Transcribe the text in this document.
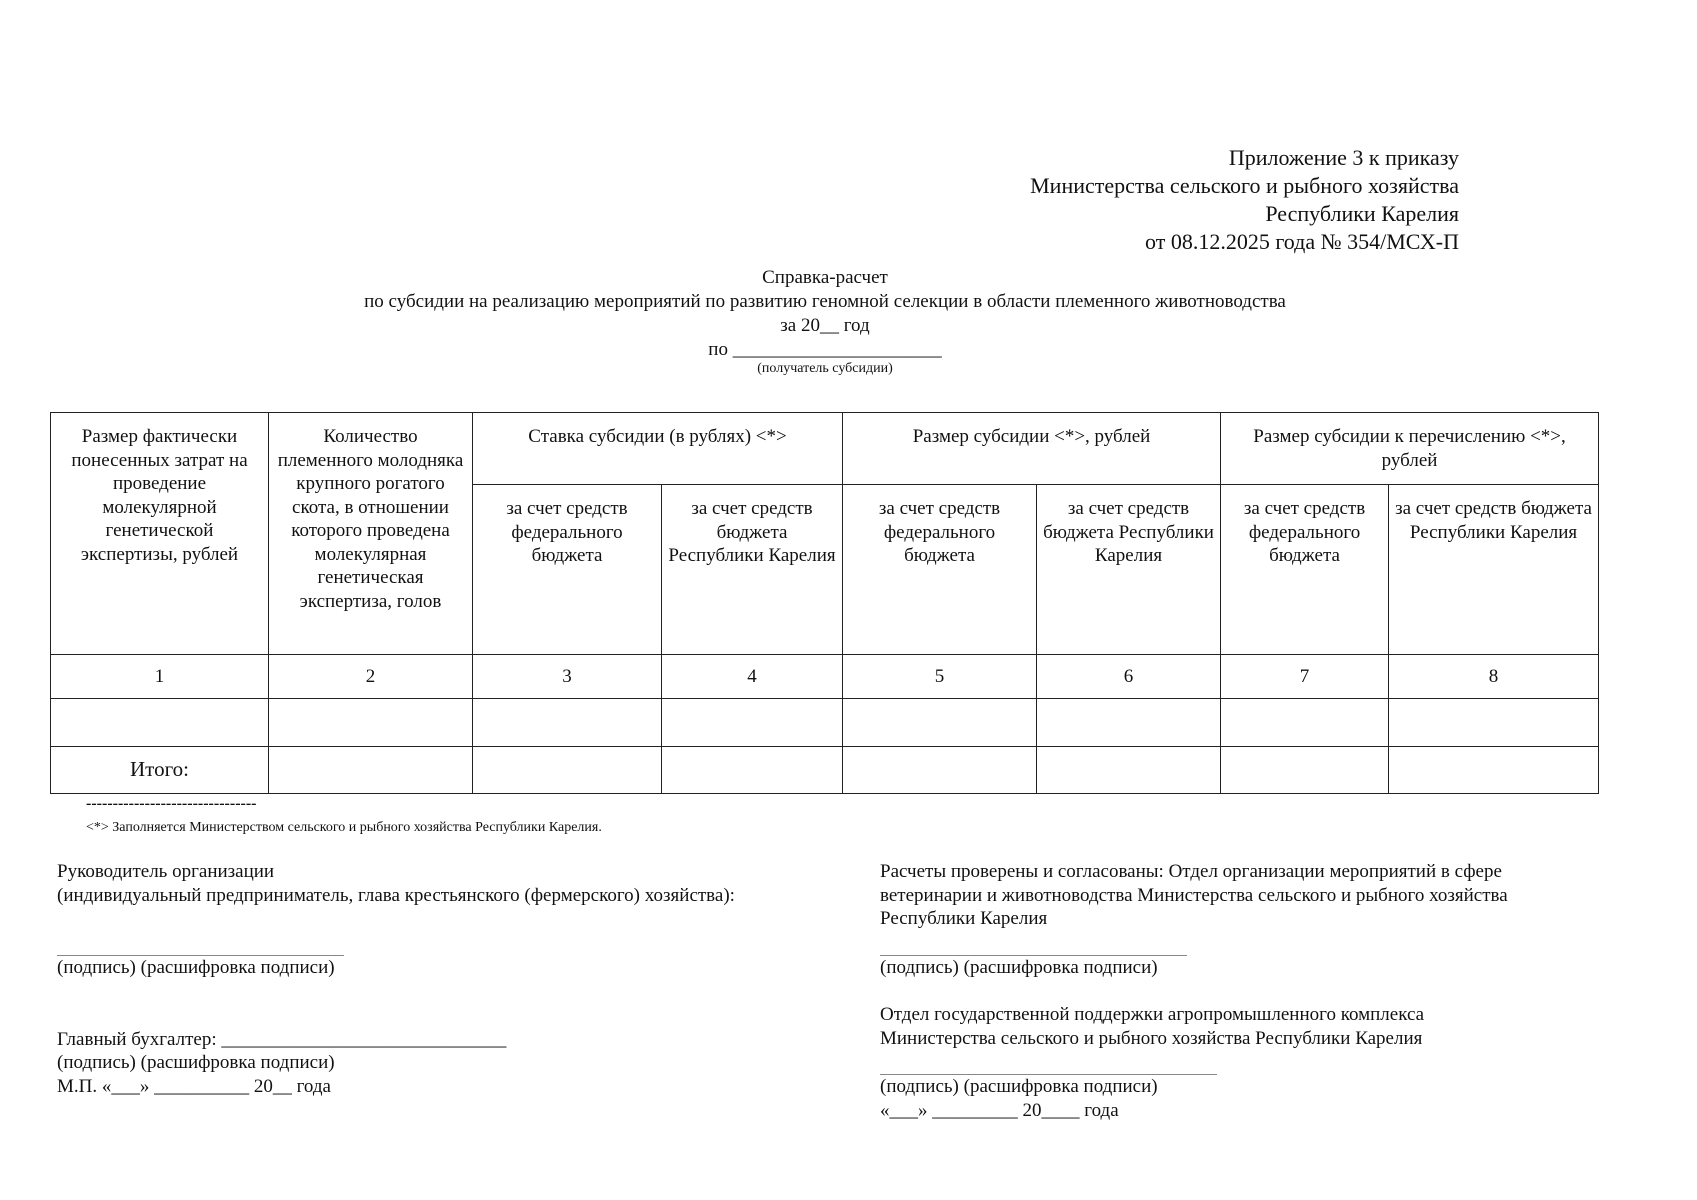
Приложение 3 к приказу
Министерства сельского и рыбного хозяйства
Республики Карелия
от 08.12.2025 года № 354/МСХ-П
Справка-расчет
по субсидии на реализацию мероприятий по развитию геномной селекции в области племенного животноводства
за 20__ год
по ______________________
(получатель субсидии)
Размер фактически понесенных затрат на проведение молекулярной генетической экспертизы, рублей	Количество племенного молодняка крупного рогатого скота, в отношении которого проведена молекулярная генетическая экспертиза, голов	Ставка субсидии (в рублях) <*>		Размер субсидии <*>, рублей		Размер субсидии к перечислению <*>, рублей	
		за счет средств федерального бюджета	за счет средств бюджета Республики Карелия	за счет средств федерального бюджета	за счет средств бюджета Республики Карелия	за счет средств федерального бюджета	за счет средств бюджета Республики Карелия
1	2	3	4	5	6	7	8

Итого:							
--------------------------------
<*> Заполняется Министерством сельского и рыбного хозяйства Республики Карелия.
Руководитель организации
(индивидуальный предприниматель, глава крестьянского (фермерского) хозяйства):
(подпись) (расшифровка подписи)
Главный бухгалтер: ______________________________
(подпись) (расшифровка подписи)
М.П. «___» __________ 20__ года
Расчеты проверены и согласованы: Отдел организации мероприятий в сфере
ветеринарии и животноводства Министерства сельского и рыбного хозяйства
Республики Карелия
(подпись) (расшифровка подписи)
Отдел государственной поддержки агропромышленного комплекса
Министерства сельского и рыбного хозяйства Республики Карелия
(подпись) (расшифровка подписи)
«___» _________ 20____ года
